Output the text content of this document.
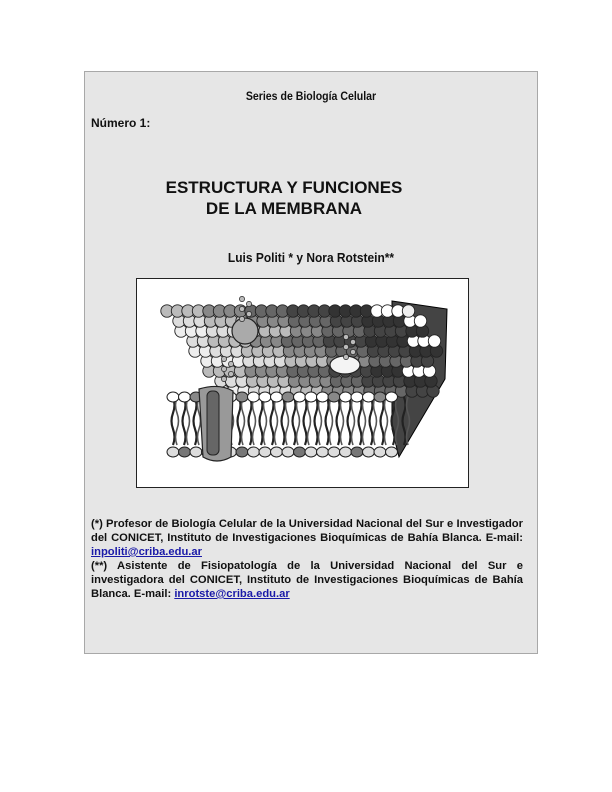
Series de Biología Celular
Número 1:
ESTRUCTURA Y FUNCIONES
DE LA MEMBRANA
Luis Politi * y Nora Rotstein**

(*) Profesor de Biología Celular de la Universidad Nacional del Sur e Investigador del CONICET, Instituto de Investigaciones Bioquímicas de Bahía Blanca. E-mail: inpoliti@criba.edu.ar

(**) Asistente de Fisiopatología de la Universidad Nacional del Sur e investigadora del CONICET, Instituto de Investigaciones Bioquímicas de Bahía Blanca. E-mail: inrotste@criba.edu.ar
